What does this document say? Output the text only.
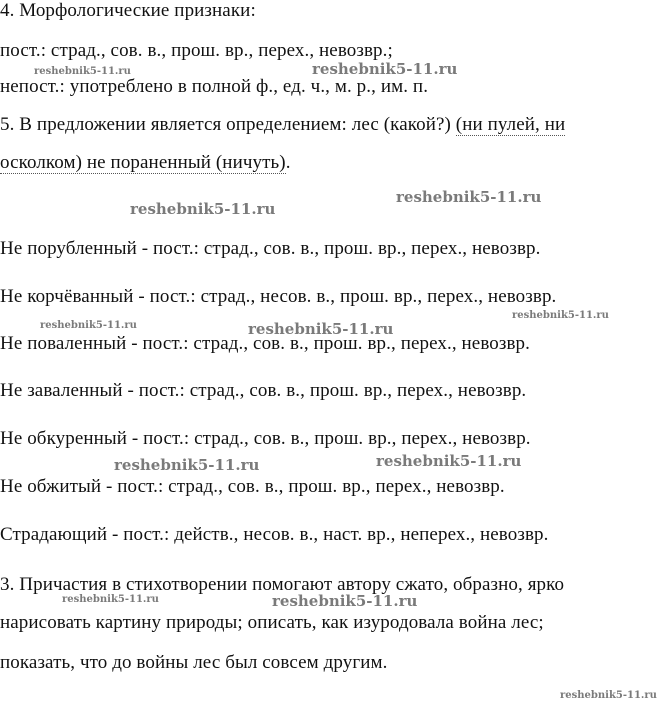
4. Морфологические признаки:
пост.: страд., сов. в., прош. вр., перех., невозвр.;
непост.: употреблено в полной ф., ед. ч., м. р., им. п.
5. В предложении является определением: лес (какой?) (ни пулей, ни
осколком) не пораненный (ничуть).
Не порубленный - пост.: страд., сов. в., прош. вр., перех., невозвр.
Не корчёванный - пост.: страд., несов. в., прош. вр., перех., невозвр.
Не поваленный - пост.: страд., сов. в., прош. вр., перех., невозвр.
Не заваленный - пост.: страд., сов. в., прош. вр., перех., невозвр.
Не обкуренный - пост.: страд., сов. в., прош. вр., перех., невозвр.
Не обжитый - пост.: страд., сов. в., прош. вр., перех., невозвр.
Страдающий - пост.: действ., несов. в., наст. вр., неперех., невозвр.
3. Причастия в стихотворении помогают автору сжато, образно, ярко
нарисовать картину природы; описать, как изуродовала война лес;
показать, что до войны лес был совсем другим.
reshebnik5-11.ru	reshebnik5-11.ru
reshebnik5-11.ru
reshebnik5-11.ru
reshebnik5-11.ru	reshebnik5-11.ru
reshebnik5-11.ru
reshebnik5-11.ru	reshebnik5-11.ru
reshebnik5-11.ru	reshebnik5-11.ru
reshebnik5-11.ru
